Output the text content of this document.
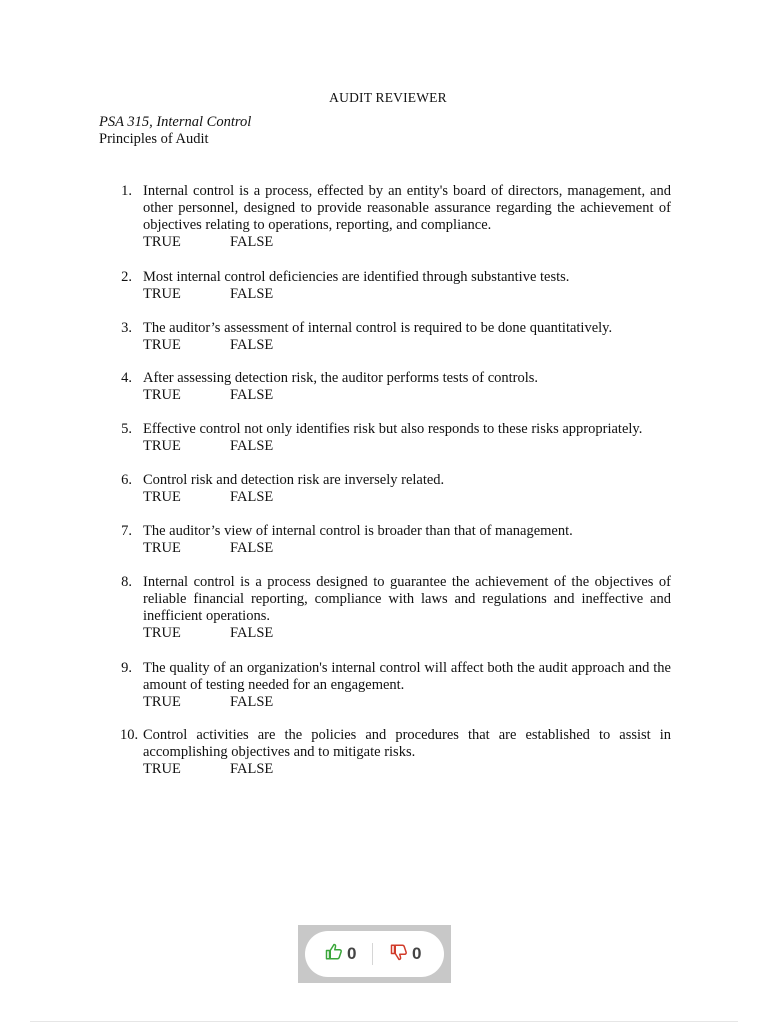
AUDIT REVIEWER
PSA 315, Internal Control
Principles of Audit
1. Internal control is a process, effected by an entity's board of directors, management, and other personnel, designed to provide reasonable assurance regarding the achievement of objectives relating to operations, reporting, and compliance.
TRUE	FALSE
2. Most internal control deficiencies are identified through substantive tests.
TRUE	FALSE
3. The auditor’s assessment of internal control is required to be done quantitatively.
TRUE	FALSE
4. After assessing detection risk, the auditor performs tests of controls.
TRUE	FALSE
5. Effective control not only identifies risk but also responds to these risks appropriately.
TRUE	FALSE
6. Control risk and detection risk are inversely related.
TRUE	FALSE
7. The auditor’s view of internal control is broader than that of management.
TRUE	FALSE
8. Internal control is a process designed to guarantee the achievement of the objectives of reliable financial reporting, compliance with laws and regulations and ineffective and inefficient operations.
TRUE	FALSE
9. The quality of an organization's internal control will affect both the audit approach and the amount of testing needed for an engagement.
TRUE	FALSE
10. Control activities are the policies and procedures that are established to assist in accomplishing objectives and to mitigate risks.
TRUE	FALSE
0	0
